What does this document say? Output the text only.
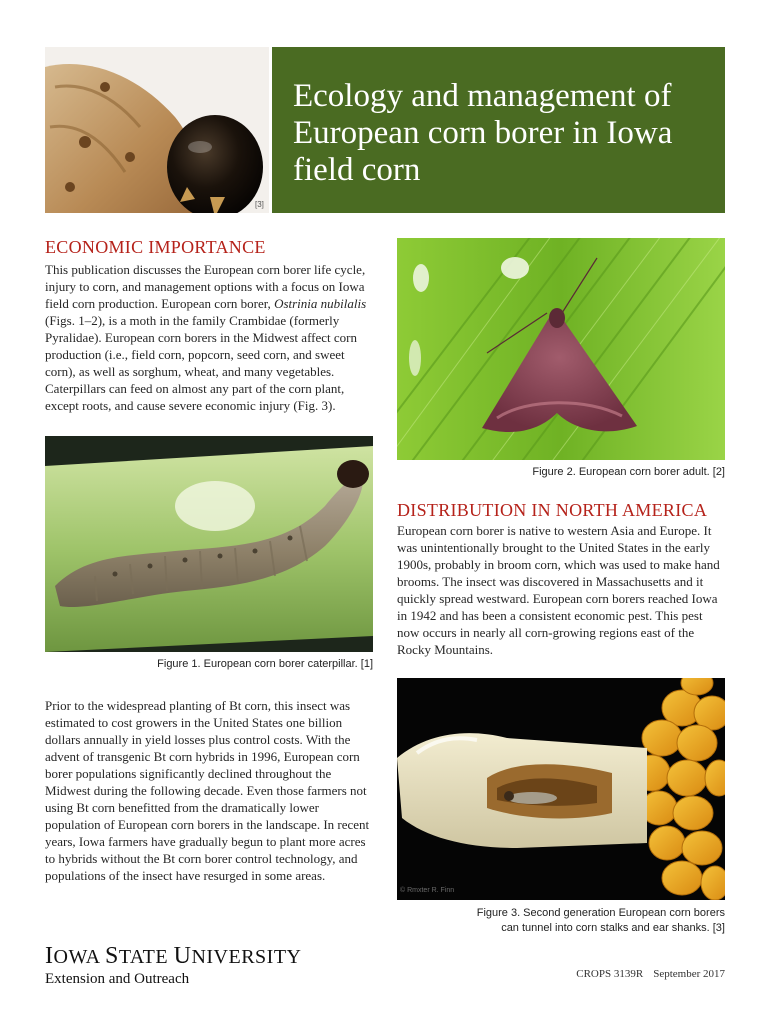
[3]
Ecology and management of European corn borer in Iowa field corn
ECONOMIC IMPORTANCE
This publication discusses the European corn borer life cycle, injury to corn, and management options with a focus on Iowa field corn production. European corn borer, Ostrinia nubilalis (Figs. 1–2), is a moth in the family Crambidae (formerly Pyralidae). European corn borers in the Midwest affect corn production (i.e., field corn, popcorn, seed corn, and sweet corn), as well as sorghum, wheat, and many vegetables. Caterpillars can feed on almost any part of the corn plant, except roots, and cause severe economic injury (Fig. 3).
Figure 2. European corn borer adult. [2]
Figure 1. European corn borer caterpillar. [1]
DISTRIBUTION IN NORTH AMERICA
European corn borer is native to western Asia and Europe. It was unintentionally brought to the United States in the early 1900s, probably in broom corn, which was used to make hand brooms. The insect was discovered in Massachusetts and it quickly spread westward. European corn borers reached Iowa in 1942 and has been a consistent economic pest. This pest now occurs in nearly all corn-growing regions east of the Rocky Mountains.
Prior to the widespread planting of Bt corn, this insect was estimated to cost growers in the United States one billion dollars annually in yield losses plus control costs. With the advent of transgenic Bt corn hybrids in 1996, European corn borer populations significantly declined throughout the Midwest during the following decade. Even those farmers not using Bt corn benefitted from the dramatically lower population of European corn borers in the landscape. In recent years, Iowa farmers have gradually begun to plant more acres to hybrids without the Bt corn borer control technology, and populations of the insect have resurged in some areas.
© Rmxter R. Finn
Figure 3. Second generation European corn borers
can tunnel into corn stalks and ear shanks. [3]
IOWA STATE UNIVERSITY
Extension and Outreach	CROPS 3139R September 2017
